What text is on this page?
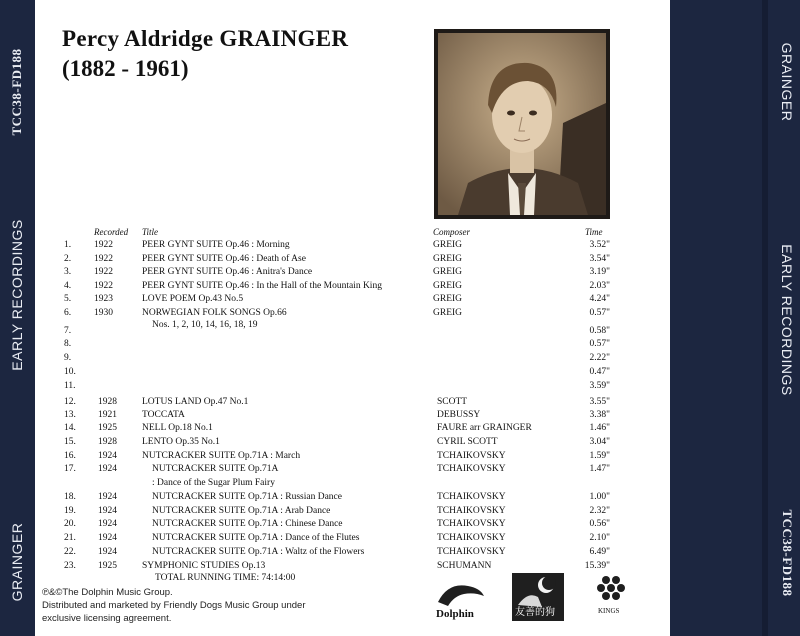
TCC38-FD188
EARLY RECORDINGS
GRAINGER
GRAINGER
EARLY RECORDINGS
TCC38-FD188
Percy Aldridge GRAINGER
(1882 - 1961)
Recorded Title	Composer	Time
1. 1922	PEER GYNT SUITE Op.46 : Morning	GREIG	3.52"
2. 1922	PEER GYNT SUITE Op.46 : Death of Ase	GREIG	3.54"
3. 1922	PEER GYNT SUITE Op.46 : Anitra's Dance	GREIG	3.19"
4. 1922	PEER GYNT SUITE Op.46 : In the Hall of the Mountain King	GREIG	2.03"
5. 1923	LOVE POEM Op.43 No.5	GREIG	4.24"
6. 1930	NORWEGIAN FOLK SONGS Op.66	GREIG	0.57"
Nos. 1, 2, 10, 14, 16, 18, 19
7.	0.58"
8.	0.57"
9.	2.22"
10.	0.47"
11.	3.59"
12. 1928	LOTUS LAND Op.47 No.1	SCOTT	3.55"
13. 1921	TOCCATA	DEBUSSY	3.38"
14. 1925	NELL Op.18 No.1	FAURE arr GRAINGER	1.46"
15. 1928	LENTO Op.35 No.1	CYRIL SCOTT	3.04"
16. 1924	NUTCRACKER SUITE Op.71A : March	TCHAIKOVSKY	1.59"
17. 1924	NUTCRACKER SUITE Op.71A	TCHAIKOVSKY	1.47"
: Dance of the Sugar Plum Fairy
18. 1924	NUTCRACKER SUITE Op.71A : Russian Dance	TCHAIKOVSKY	1.00"
19. 1924	NUTCRACKER SUITE Op.71A : Arab Dance	TCHAIKOVSKY	2.32"
20. 1924	NUTCRACKER SUITE Op.71A : Chinese Dance	TCHAIKOVSKY	0.56"
21. 1924	NUTCRACKER SUITE Op.71A : Dance of the Flutes	TCHAIKOVSKY	2.10"
22. 1924	NUTCRACKER SUITE Op.71A : Waltz of the Flowers	TCHAIKOVSKY	6.49"
23. 1925	SYMPHONIC STUDIES Op.13	SCHUMANN	15.39"
TOTAL RUNNING TIME: 74:14:00
℗&©The Dolphin Music Group.
Distributed and marketed by Friendly Dogs Music Group under
exclusive licensing agreement.	Dolphin	友善的狗	KINGS
